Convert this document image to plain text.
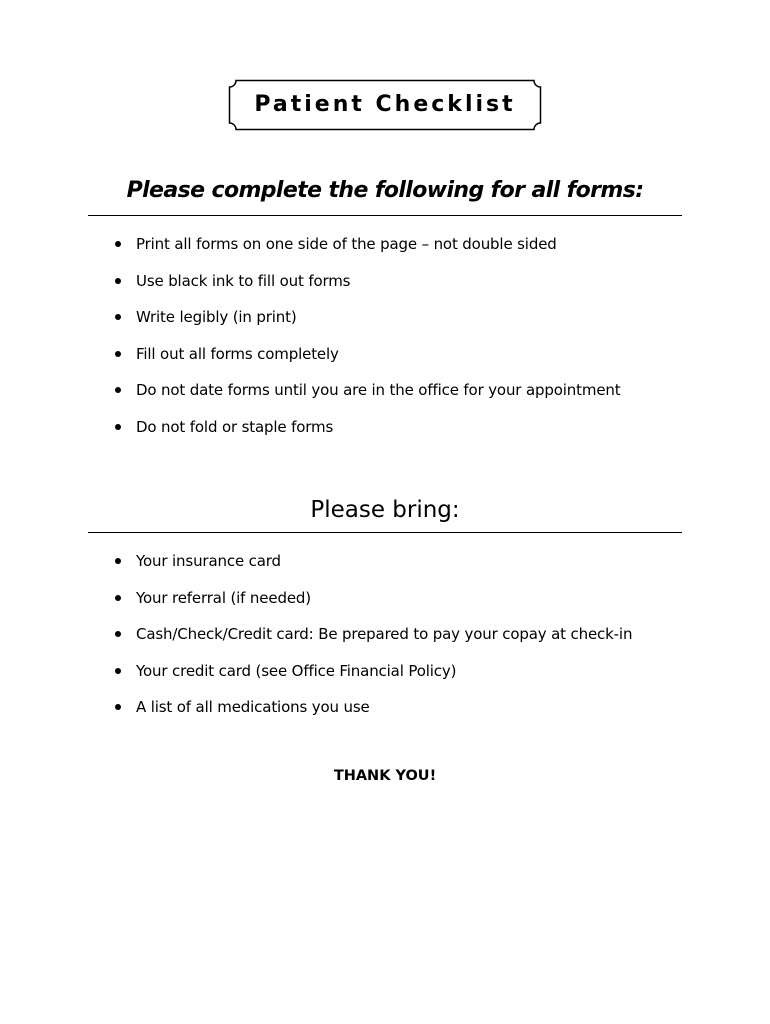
Patient Checklist
Please complete the following for all forms:
Print all forms on one side of the page – not double sided
Use black ink to fill out forms
Write legibly (in print)
Fill out all forms completely
Do not date forms until you are in the office for your appointment
Do not fold or staple forms
Please bring:
Your insurance card
Your referral (if needed)
Cash/Check/Credit card: Be prepared to pay your copay at check-in
Your credit card (see Office Financial Policy)
A list of all medications you use
THANK YOU!
